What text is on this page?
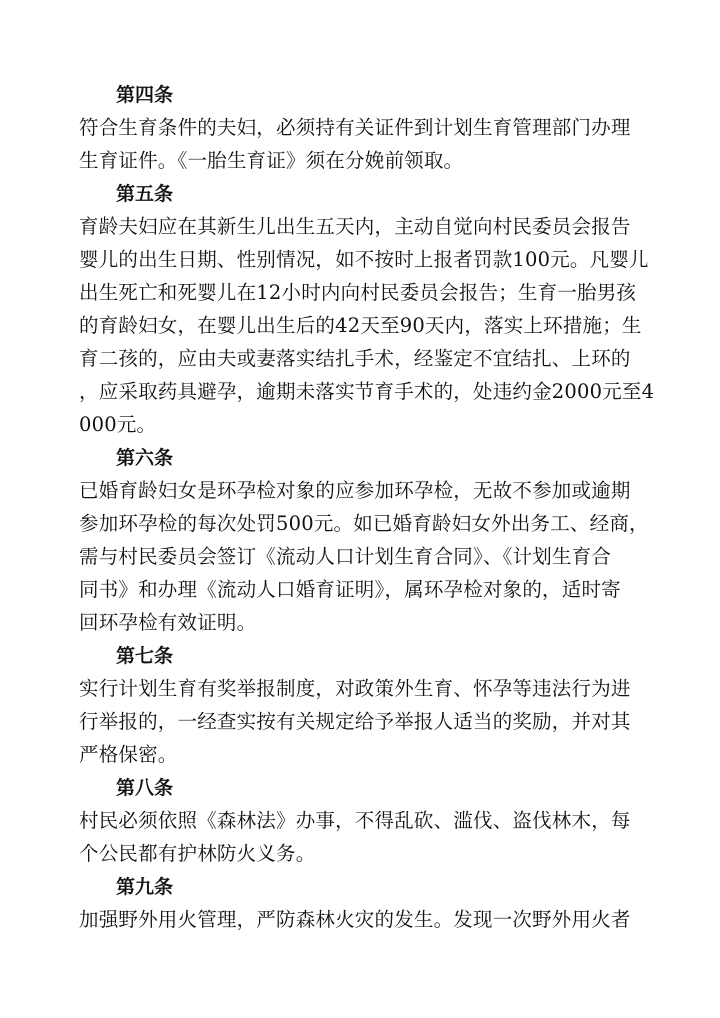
第四条
符合生育条件的夫妇，必须持有关证件到计划生育管理部门办理
生育证件。《一胎生育证》须在分娩前领取。
第五条
育龄夫妇应在其新生儿出生五天内，主动自觉向村民委员会报告
婴儿的出生日期、性别情况，如不按时上报者罚款100元。凡婴儿
出生死亡和死婴儿在12小时内向村民委员会报告；生育一胎男孩
的育龄妇女，在婴儿出生后的42天至90天内，落实上环措施；生
育二孩的，应由夫或妻落实结扎手术，经鉴定不宜结扎、上环的
，应采取药具避孕，逾期未落实节育手术的，处违约金2000元至4
000元。
第六条
已婚育龄妇女是环孕检对象的应参加环孕检，无故不参加或逾期
参加环孕检的每次处罚500元。如已婚育龄妇女外出务工、经商，
需与村民委员会签订《流动人口计划生育合同》、《计划生育合
同书》和办理《流动人口婚育证明》，属环孕检对象的，适时寄
回环孕检有效证明。
第七条
实行计划生育有奖举报制度，对政策外生育、怀孕等违法行为进
行举报的，一经查实按有关规定给予举报人适当的奖励，并对其
严格保密。
第八条
村民必须依照《森林法》办事，不得乱砍、滥伐、盗伐林木，每
个公民都有护林防火义务。
第九条
加强野外用火管理，严防森林火灾的发生。发现一次野外用火者
